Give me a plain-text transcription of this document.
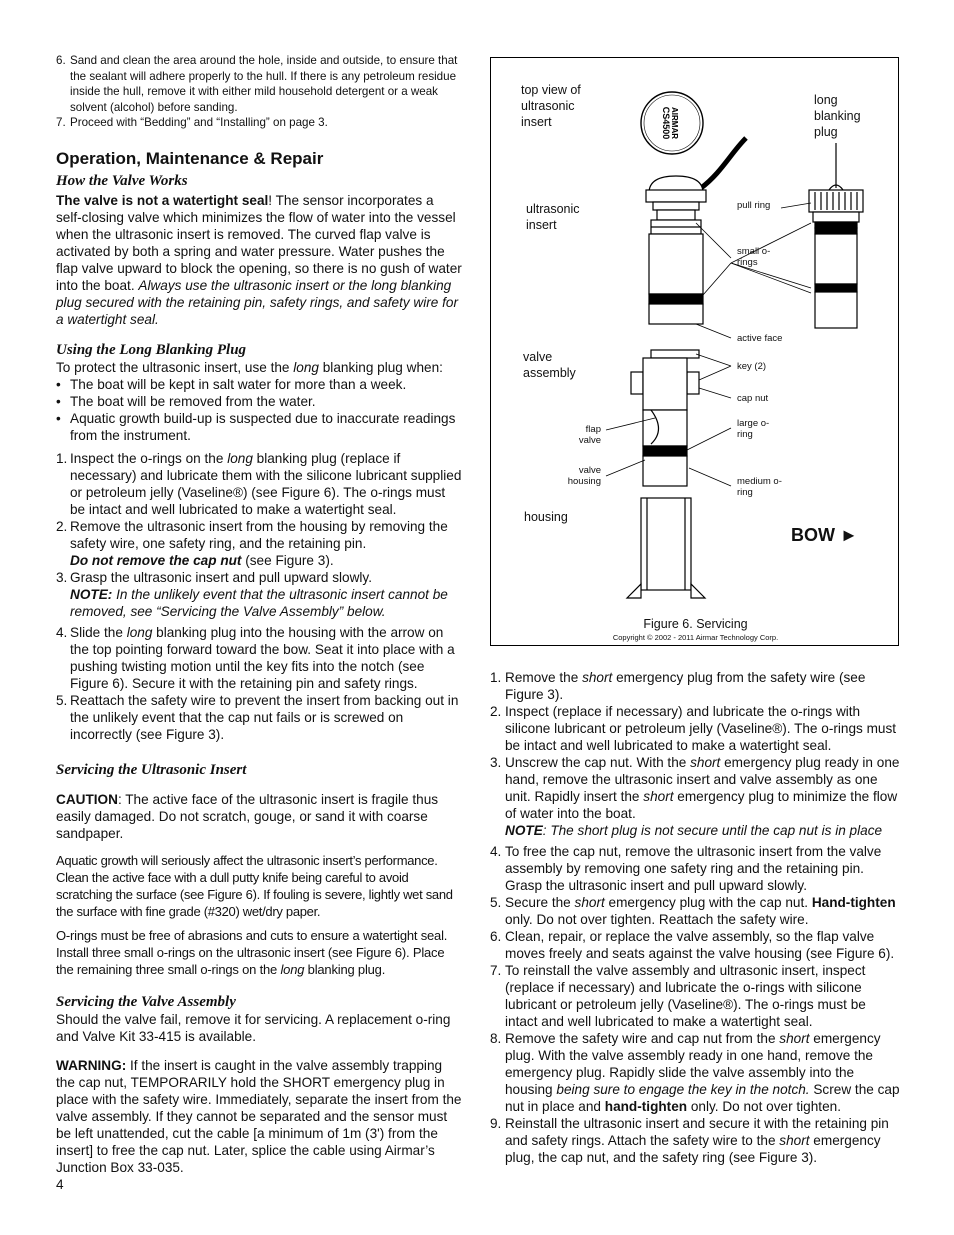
6. Sand and clean the area around the hole, inside and outside, to ensure that the sealant will adhere properly to the hull. If there is any petroleum residue inside the hull, remove it with either mild household detergent or a weak solvent (alcohol) before sanding.
7. Proceed with “Bedding” and “Installing” on page 3.
Operation, Maintenance & Repair
How the Valve Works

The valve is not a watertight seal! The sensor incorporates a self-closing valve which minimizes the flow of water into the vessel when the ultrasonic insert is removed. The curved flap valve is activated by both a spring and water pressure. Water pushes the flap valve upward to block the opening, so there is no gush of water into the boat. Always use the ultrasonic insert or the long blanking plug secured with the retaining pin, safety rings, and safety wire for a watertight seal.

Using the Long Blanking Plug

To protect the ultrasonic insert, use the long blanking plug when:

• The boat will be kept in salt water for more than a week.
• The boat will be removed from the water.
• Aquatic growth build-up is suspected due to inaccurate readings from the instrument.
1. Inspect the o-rings on the long blanking plug (replace if necessary) and lubricate them with the silicone lubricant supplied or petroleum jelly (Vaseline®) (see Figure 6). The o-rings must be intact and well lubricated to make a watertight seal.
2. Remove the ultrasonic insert from the housing by removing the safety wire, one safety ring, and the retaining pin.
Do not remove the cap nut (see Figure 3).
3. Grasp the ultrasonic insert and pull upward slowly.
NOTE: In the unlikely event that the ultrasonic insert cannot be removed, see “Servicing the Valve Assembly” below.
4. Slide the long blanking plug into the housing with the arrow on the top pointing forward toward the bow. Seat it into place with a pushing twisting motion until the key fits into the notch (see Figure 6). Secure it with the retaining pin and safety rings.
5. Reattach the safety wire to prevent the insert from backing out in the unlikely event that the cap nut fails or is screwed on incorrectly (see Figure 3).
Servicing the Ultrasonic Insert

CAUTION: The active face of the ultrasonic insert is fragile thus easily damaged. Do not scratch, gouge, or sand it with coarse sandpaper.

Aquatic growth will seriously affect the ultrasonic insert’s performance. Clean the active face with a dull putty knife being careful to avoid scratching the surface (see Figure 6). If fouling is severe, lightly wet sand the surface with fine grade (#320) wet/dry paper.

O-rings must be free of abrasions and cuts to ensure a watertight seal. Install three small o-rings on the ultrasonic insert (see Figure 6). Place the remaining three small o-rings on the long blanking plug.

Servicing the Valve Assembly

Should the valve fail, remove it for servicing. A replacement o-ring and Valve Kit 33-415 is available.

WARNING: If the insert is caught in the valve assembly trapping the cap nut, TEMPORARILY hold the SHORT emergency plug in place with the safety wire. Immediately, separate the insert from the valve assembly. If they cannot be separated and the sensor must be left unattended, cut the cable [a minimum of 1m (3') from the insert] to free the cap nut. Later, splice the cable using Airmar’s Junction Box 33-035.

4
AIRMAR
CS4500
top view of ultrasonic insert
long blanking plug
ultrasonic insert
pull ring
small o-rings
active face
valve assembly	key (2)
cap nut
flap valve
large o-ring
valve housing	medium o-ring
housing
BOW ►
Figure 6. Servicing
Copyright © 2002 - 2011 Airmar Technology Corp.
1. Remove the short emergency plug from the safety wire (see Figure 3).
2. Inspect (replace if necessary) and lubricate the o-rings with silicone lubricant or petroleum jelly (Vaseline®). The o-rings must be intact and well lubricated to make a watertight seal.
3. Unscrew the cap nut. With the short emergency plug ready in one hand, remove the ultrasonic insert and valve assembly as one unit. Rapidly insert the short emergency plug to minimize the flow of water into the boat.
NOTE: The short plug is not secure until the cap nut is in place
4. To free the cap nut, remove the ultrasonic insert from the valve assembly by removing one safety ring and the retaining pin. Grasp the ultrasonic insert and pull upward slowly.
5. Secure the short emergency plug with the cap nut. Hand-tighten only. Do not over tighten. Reattach the safety wire.
6. Clean, repair, or replace the valve assembly, so the flap valve moves freely and seats against the valve housing (see Figure 6).
7. To reinstall the valve assembly and ultrasonic insert, inspect (replace if necessary) and lubricate the o-rings with silicone lubricant or petroleum jelly (Vaseline®). The o-rings must be intact and well lubricated to make a watertight seal.
8. Remove the safety wire and cap nut from the short emergency plug. With the valve assembly ready in one hand, remove the emergency plug. Rapidly slide the valve assembly into the housing being sure to engage the key in the notch. Screw the cap nut in place and hand-tighten only. Do not over tighten.
9. Reinstall the ultrasonic insert and secure it with the retaining pin and safety rings. Attach the safety wire to the short emergency plug, the cap nut, and the safety ring (see Figure 3).
